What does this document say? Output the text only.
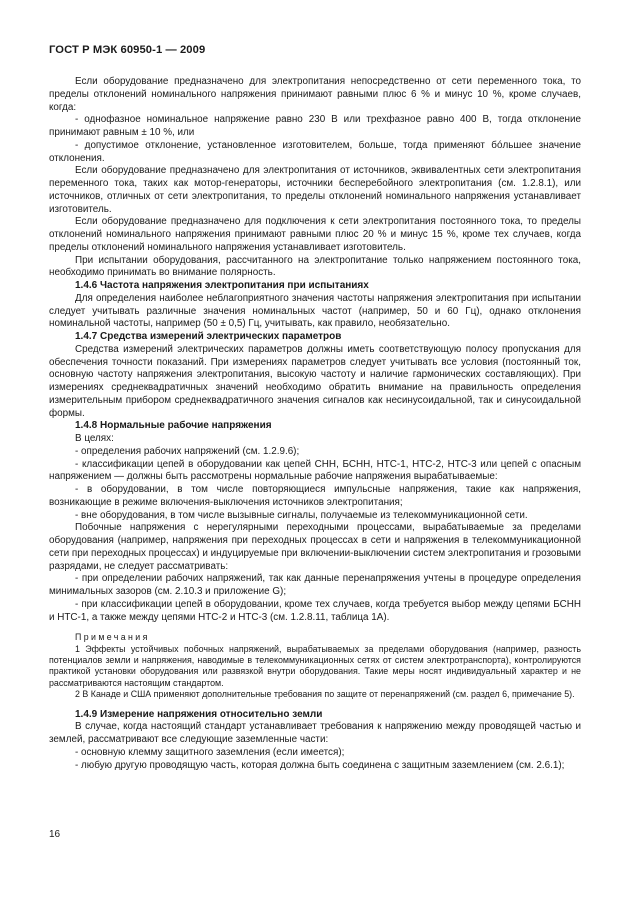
ГОСТ Р МЭК 60950-1 — 2009

Если оборудование предназначено для электропитания непосредственно от сети переменного тока, то пределы отклонений номинального напряжения принимают равными плюс 6 % и минус 10 %, кроме случаев, когда:

- однофазное номинальное напряжение равно 230 В или трехфазное равно 400 В, тогда отклонение принимают равным ± 10 %, или

- допустимое отклонение, установленное изготовителем, больше, тогда применяют бóльшее значение отклонения.

Если оборудование предназначено для электропитания от источников, эквивалентных сети электропитания переменного тока, таких как мотор-генераторы, источники бесперебойного электропитания (см. 1.2.8.1), или источников, отличных от сети электропитания, то пределы отклонений номинального напряжения устанавливает изготовитель.

Если оборудование предназначено для подключения к сети электропитания постоянного тока, то пределы отклонений номинального напряжения принимают равными плюс 20 % и минус 15 %, кроме тех случаев, когда пределы отклонений номинального напряжения устанавливает изготовитель.

При испытании оборудования, рассчитанного на электропитание только напряжением постоянного тока, необходимо принимать во внимание полярность.

1.4.6 Частота напряжения электропитания при испытаниях

Для определения наиболее неблагоприятного значения частоты напряжения электропитания при испытании следует учитывать различные значения номинальных частот (например, 50 и 60 Гц), однако отклонения номинальной частоты, например (50 ± 0,5) Гц, учитывать, как правило, необязательно.

1.4.7 Средства измерений электрических параметров

Средства измерений электрических параметров должны иметь соответствующую полосу пропускания для обеспечения точности показаний. При измерениях параметров следует учитывать все условия (постоянный ток, основную частоту напряжения электропитания, высокую частоту и наличие гармонических составляющих). При измерениях среднеквадратичных значений необходимо обратить внимание на правильность определения измерительным прибором среднеквадратичного значения сигналов как несинусоидальной, так и синусоидальной формы.

1.4.8 Нормальные рабочие напряжения

В целях:

- определения рабочих напряжений (см. 1.2.9.6);

- классификации цепей в оборудовании как цепей СНН, БСНН, НТС-1, НТС-2, НТС-3 или цепей с опасным напряжением — должны быть рассмотрены нормальные рабочие напряжения вырабатываемые:

- в оборудовании, в том числе повторяющиеся импульсные напряжения, такие как напряжения, возникающие в режиме включения-выключения источников электропитания;

- вне оборудования, в том числе вызывные сигналы, получаемые из телекоммуникационной сети.

Побочные напряжения с нерегулярными переходными процессами, вырабатываемые за пределами оборудования (например, напряжения при переходных процессах в сети и напряжения в телекоммуникационной сети при переходных процессах) и индуцируемые при включении-выключении систем электропитания и грозовыми разрядами, не следует рассматривать:

- при определении рабочих напряжений, так как данные перенапряжения учтены в процедуре определения минимальных зазоров (см. 2.10.3 и приложение G);

- при классификации цепей в оборудовании, кроме тех случаев, когда требуется выбор между цепями БСНН и НТС-1, а также между цепями НТС-2 и НТС-3 (см. 1.2.8.11, таблица 1А).

Примечания

1 Эффекты устойчивых побочных напряжений, вырабатываемых за пределами оборудования (например, разность потенциалов земли и напряжения, наводимые в телекоммуникационных сетях от систем электротранспорта), контролируются практикой установки оборудования или развязкой внутри оборудования. Такие меры носят индивидуальный характер и не рассматриваются настоящим стандартом.

2 В Канаде и США применяют дополнительные требования по защите от перенапряжений (см. раздел 6, примечание 5).

1.4.9 Измерение напряжения относительно земли

В случае, когда настоящий стандарт устанавливает требования к напряжению между проводящей частью и землей, рассматривают все следующие заземленные части:

- основную клемму защитного заземления (если имеется);

- любую другую проводящую часть, которая должна быть соединена с защитным заземлением (см. 2.6.1);

16
